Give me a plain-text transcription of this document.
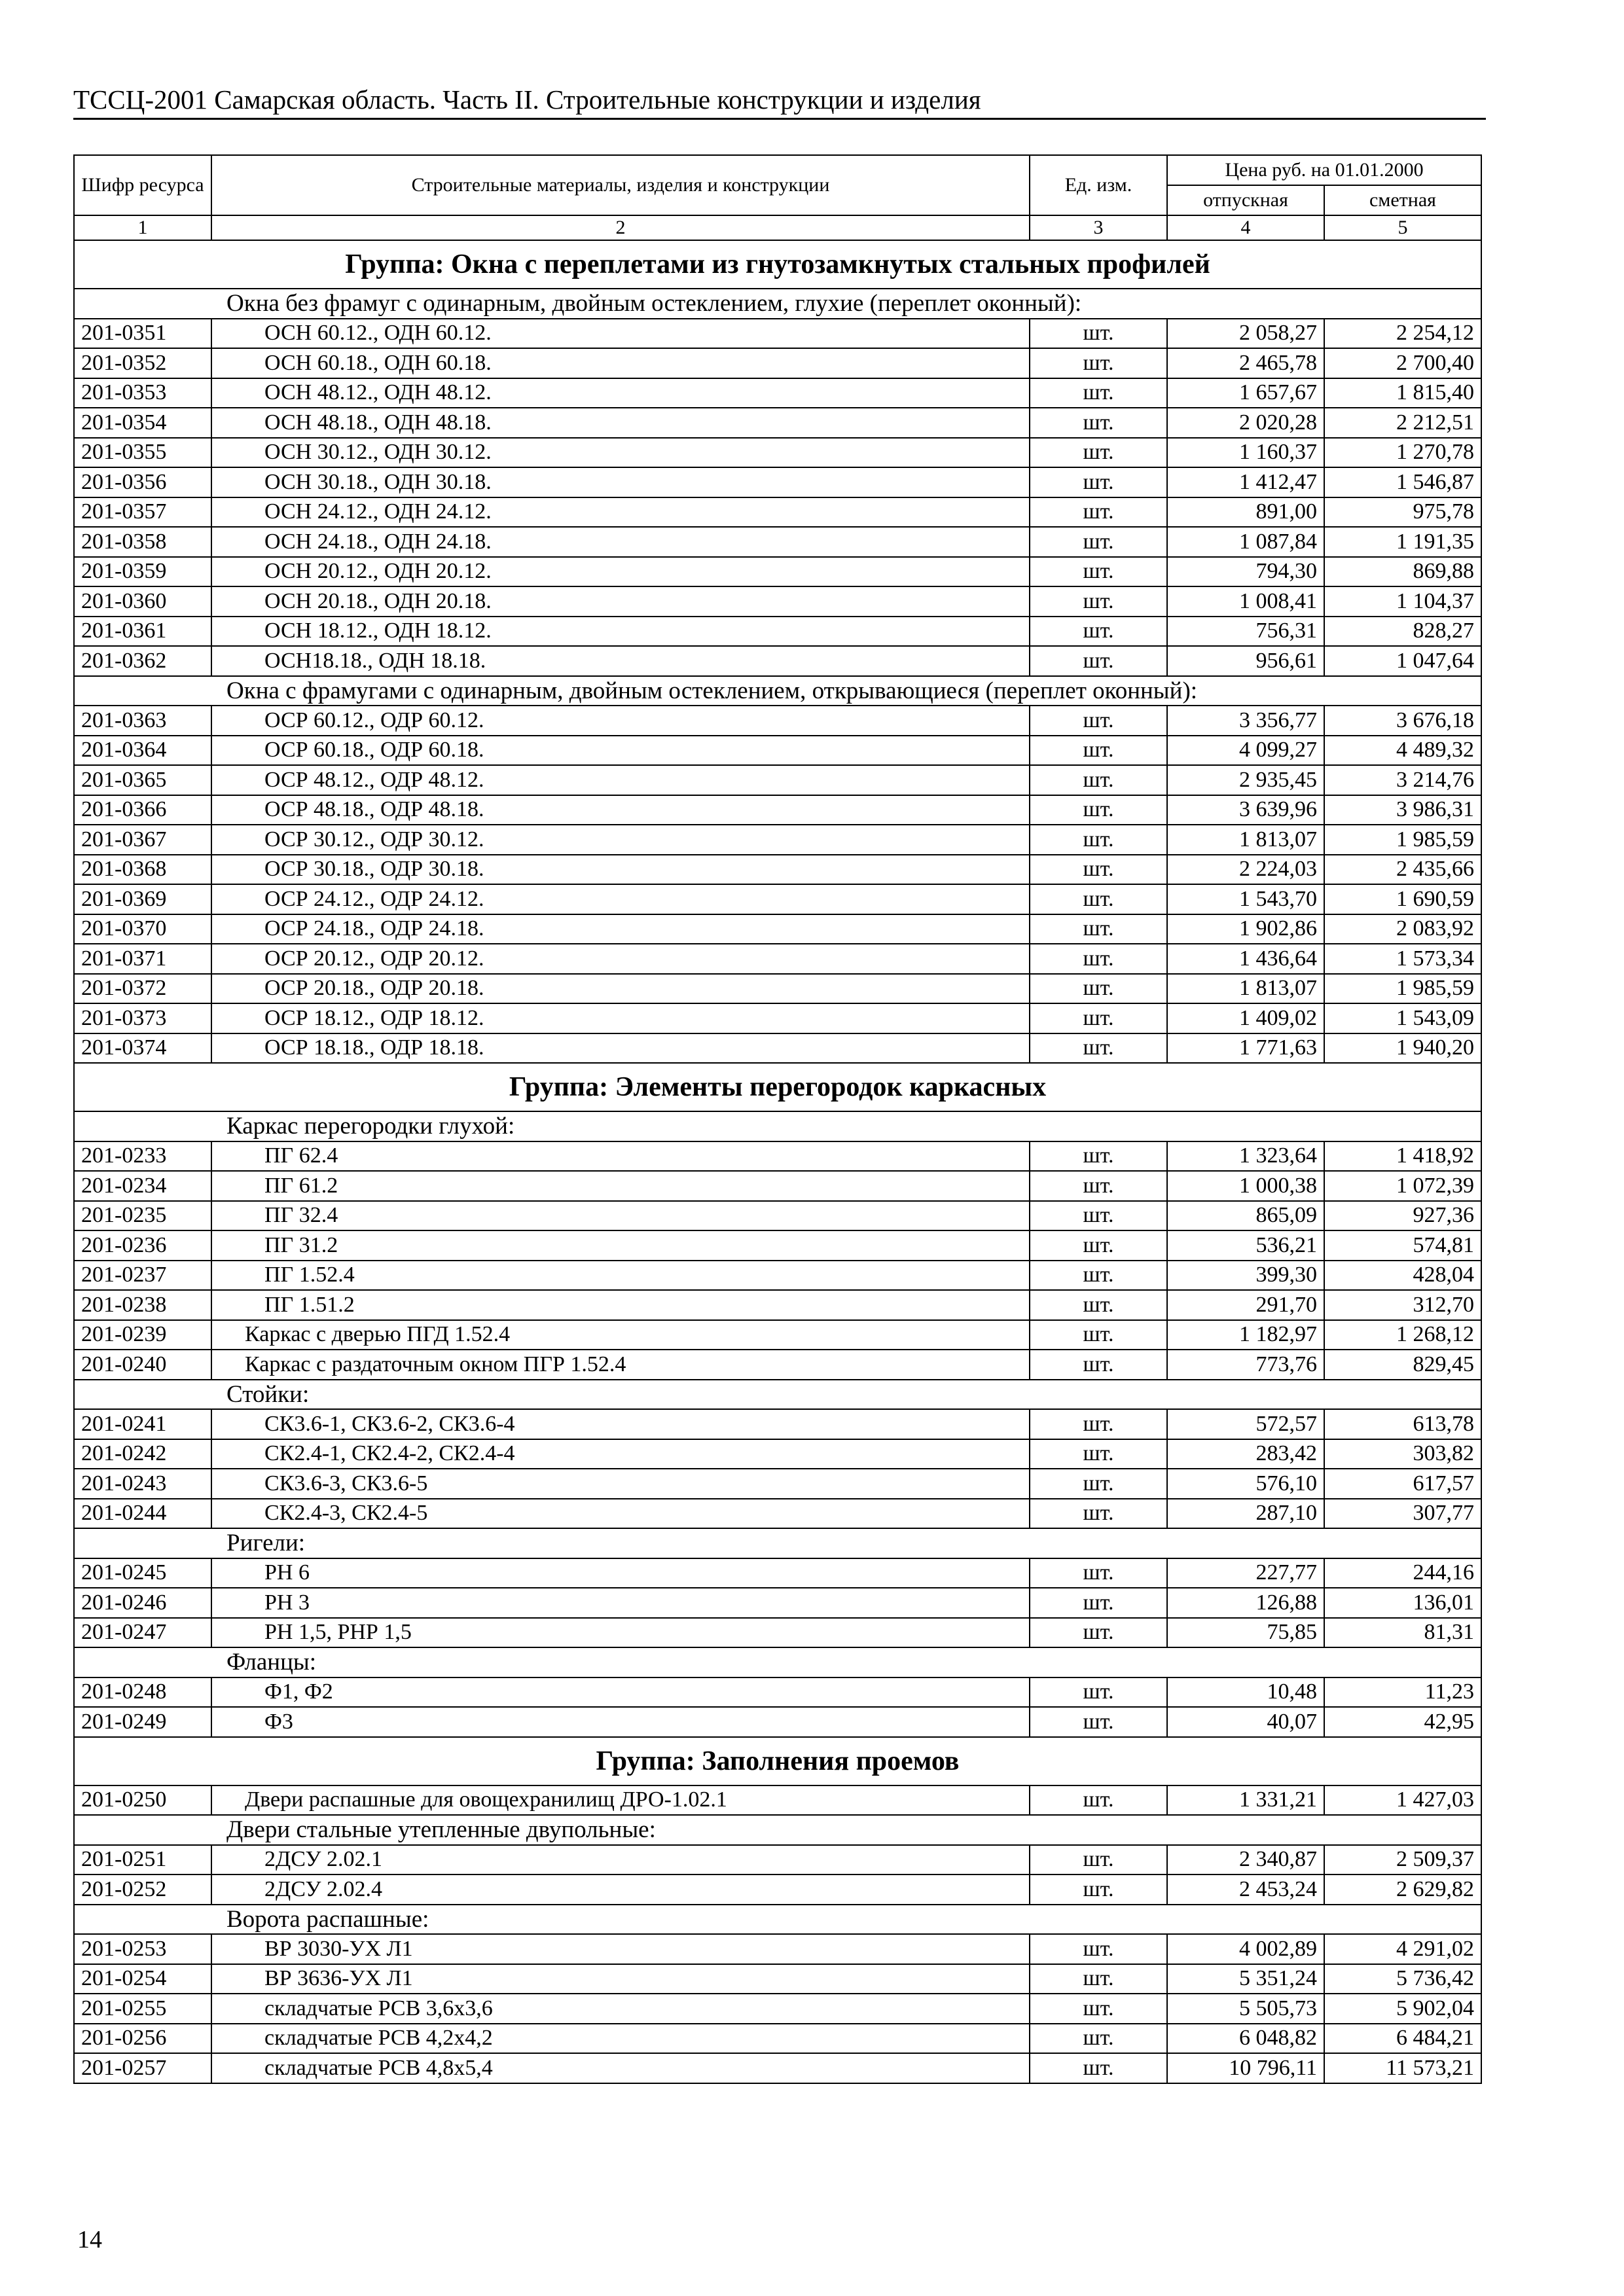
ТССЦ-2001 Самарская область. Часть II. Строительные конструкции и изделия
Шифр ресурса	Строительные материалы, изделия и конструкции	Ед. изм.	Цена руб. на 01.01.2000	
			отпускная	сметная
1	2	3	4	5
Группа: Окна с переплетами из гнутозамкнутых стальных профилей				
Окна без фрамуг с одинарным, двойным остеклением, глухие (переплет оконный):				
201-0351	ОСН 60.12., ОДН 60.12.	шт.	2 058,27	2 254,12
201-0352	ОСН 60.18., ОДН 60.18.	шт.	2 465,78	2 700,40
201-0353	ОСН 48.12., ОДН 48.12.	шт.	1 657,67	1 815,40
201-0354	ОСН 48.18., ОДН 48.18.	шт.	2 020,28	2 212,51
201-0355	ОСН 30.12., ОДН 30.12.	шт.	1 160,37	1 270,78
201-0356	ОСН 30.18., ОДН 30.18.	шт.	1 412,47	1 546,87
201-0357	ОСН 24.12., ОДН 24.12.	шт.	891,00	975,78
201-0358	ОСН 24.18., ОДН 24.18.	шт.	1 087,84	1 191,35
201-0359	ОСН 20.12., ОДН 20.12.	шт.	794,30	869,88
201-0360	ОСН 20.18., ОДН 20.18.	шт.	1 008,41	1 104,37
201-0361	ОСН 18.12., ОДН 18.12.	шт.	756,31	828,27
201-0362	ОСН18.18., ОДН 18.18.	шт.	956,61	1 047,64
Окна с фрамугами с одинарным, двойным остеклением, открывающиеся (переплет оконный):				
201-0363	ОСР 60.12., ОДР 60.12.	шт.	3 356,77	3 676,18
201-0364	ОСР 60.18., ОДР 60.18.	шт.	4 099,27	4 489,32
201-0365	ОСР 48.12., ОДР 48.12.	шт.	2 935,45	3 214,76
201-0366	ОСР 48.18., ОДР 48.18.	шт.	3 639,96	3 986,31
201-0367	ОСР 30.12., ОДР 30.12.	шт.	1 813,07	1 985,59
201-0368	ОСР 30.18., ОДР 30.18.	шт.	2 224,03	2 435,66
201-0369	ОСР 24.12., ОДР 24.12.	шт.	1 543,70	1 690,59
201-0370	ОСР 24.18., ОДР 24.18.	шт.	1 902,86	2 083,92
201-0371	ОСР 20.12., ОДР 20.12.	шт.	1 436,64	1 573,34
201-0372	ОСР 20.18., ОДР 20.18.	шт.	1 813,07	1 985,59
201-0373	ОСР 18.12., ОДР 18.12.	шт.	1 409,02	1 543,09
201-0374	ОСР 18.18., ОДР 18.18.	шт.	1 771,63	1 940,20
Группа: Элементы перегородок каркасных				
Каркас перегородки глухой:				
201-0233	ПГ 62.4	шт.	1 323,64	1 418,92
201-0234	ПГ 61.2	шт.	1 000,38	1 072,39
201-0235	ПГ 32.4	шт.	865,09	927,36
201-0236	ПГ 31.2	шт.	536,21	574,81
201-0237	ПГ 1.52.4	шт.	399,30	428,04
201-0238	ПГ 1.51.2	шт.	291,70	312,70
201-0239	Каркас с дверью ПГД 1.52.4	шт.	1 182,97	1 268,12
201-0240	Каркас с раздаточным окном ПГР 1.52.4	шт.	773,76	829,45
Стойки:				
201-0241	СК3.6-1, СК3.6-2, СК3.6-4	шт.	572,57	613,78
201-0242	СК2.4-1, СК2.4-2, СК2.4-4	шт.	283,42	303,82
201-0243	СК3.6-3, СК3.6-5	шт.	576,10	617,57
201-0244	СК2.4-3, СК2.4-5	шт.	287,10	307,77
Ригели:				
201-0245	РН 6	шт.	227,77	244,16
201-0246	РН 3	шт.	126,88	136,01
201-0247	РН 1,5, РНР 1,5	шт.	75,85	81,31
Фланцы:				
201-0248	Ф1, Ф2	шт.	10,48	11,23
201-0249	Ф3	шт.	40,07	42,95
Группа: Заполнения проемов				
201-0250	Двери распашные для овощехранилищ ДРО-1.02.1	шт.	1 331,21	1 427,03
Двери стальные утепленные двупольные:				
201-0251	2ДСУ 2.02.1	шт.	2 340,87	2 509,37
201-0252	2ДСУ 2.02.4	шт.	2 453,24	2 629,82
Ворота распашные:				
201-0253	ВР 3030-УХ Л1	шт.	4 002,89	4 291,02
201-0254	ВР 3636-УХ Л1	шт.	5 351,24	5 736,42
201-0255	складчатые РСВ 3,6х3,6	шт.	5 505,73	5 902,04
201-0256	складчатые РСВ 4,2х4,2	шт.	6 048,82	6 484,21
201-0257	складчатые РСВ 4,8х5,4	шт.	10 796,11	11 573,21
14
